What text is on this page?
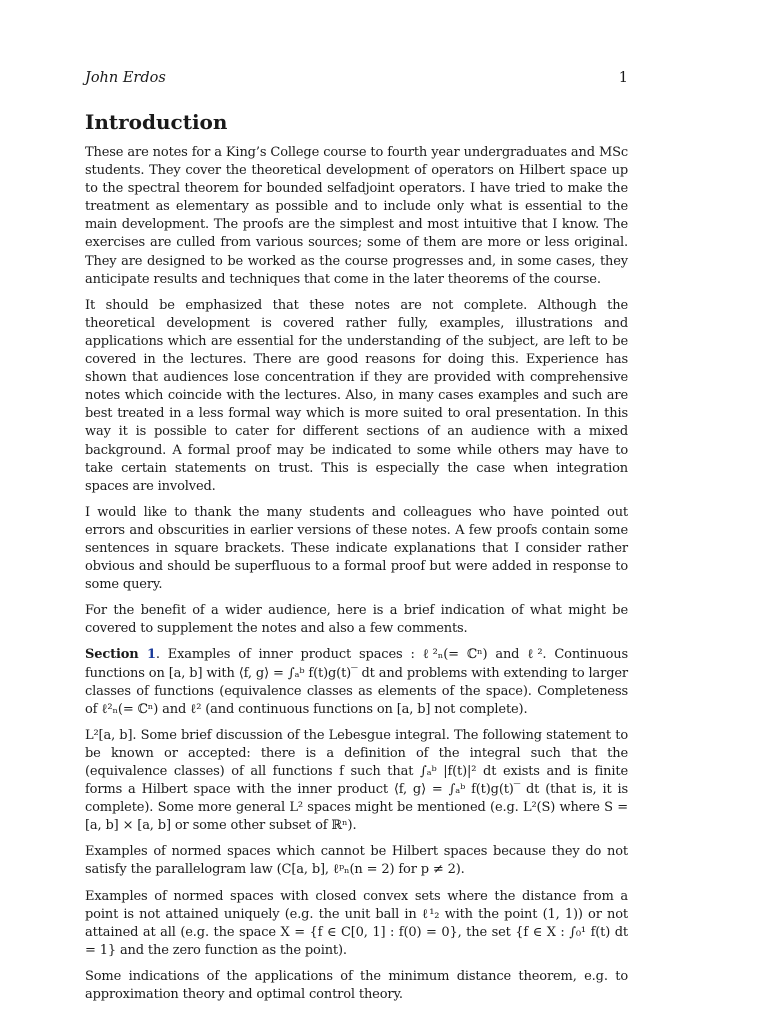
John Erdos	1
Introduction

These are notes for a King’s College course to fourth year undergraduates and MSc students. They cover the theoretical development of operators on Hilbert space up to the spectral theorem for bounded selfadjoint operators. I have tried to make the treatment as elementary as possible and to include only what is essential to the main development. The proofs are the simplest and most intuitive that I know. The exercises are culled from various sources; some of them are more or less original. They are designed to be worked as the course progresses and, in some cases, they anticipate results and techniques that come in the later theorems of the course.

It should be emphasized that these notes are not complete. Although the theoretical development is covered rather fully, examples, illustrations and applications which are essential for the understanding of the subject, are left to be covered in the lectures. There are good reasons for doing this. Experience has shown that audiences lose concentration if they are provided with comprehensive notes which coincide with the lectures. Also, in many cases examples and such are best treated in a less formal way which is more suited to oral presentation. In this way it is possible to cater for different sections of an audience with a mixed background. A formal proof may be indicated to some while others may have to take certain statements on trust. This is especially the case when integration spaces are involved.

I would like to thank the many students and colleagues who have pointed out errors and obscurities in earlier versions of these notes. A few proofs contain some sentences in square brackets. These indicate explanations that I consider rather obvious and should be superfluous to a formal proof but were added in response to some query.

For the benefit of a wider audience, here is a brief indication of what might be covered to supplement the notes and also a few comments.

Section 1. Examples of inner product spaces : ℓ²ₙ(= ℂⁿ) and ℓ². Continuous functions on [a, b] with ⟨f, g⟩ = ∫ₐᵇ f(t)g(t)‾ dt and problems with extending to larger classes of functions (equivalence classes as elements of the space). Completeness of ℓ²ₙ(= ℂⁿ) and ℓ² (and continuous functions on [a, b] not complete).

L²[a, b]. Some brief discussion of the Lebesgue integral. The following statement to be known or accepted: there is a definition of the integral such that the (equivalence classes) of all functions f such that ∫ₐᵇ |f(t)|² dt exists and is finite forms a Hilbert space with the inner product ⟨f, g⟩ = ∫ₐᵇ f(t)g(t)‾ dt (that is, it is complete). Some more general L² spaces might be mentioned (e.g. L²(S) where S = [a, b] × [a, b] or some other subset of ℝⁿ).

Examples of normed spaces which cannot be Hilbert spaces because they do not satisfy the parallelogram law (C[a, b], ℓᵖₙ(n = 2) for p ≠ 2).

Examples of normed spaces with closed convex sets where the distance from a point is not attained uniquely (e.g. the unit ball in ℓ¹₂ with the point (1, 1)) or not attained at all (e.g. the space X = {f ∈ C[0, 1] : f(0) = 0}, the set {f ∈ X : ∫₀¹ f(t) dt = 1} and the zero function as the point).

Some indications of the applications of the minimum distance theorem, e.g. to approximation theory and optimal control theory.
